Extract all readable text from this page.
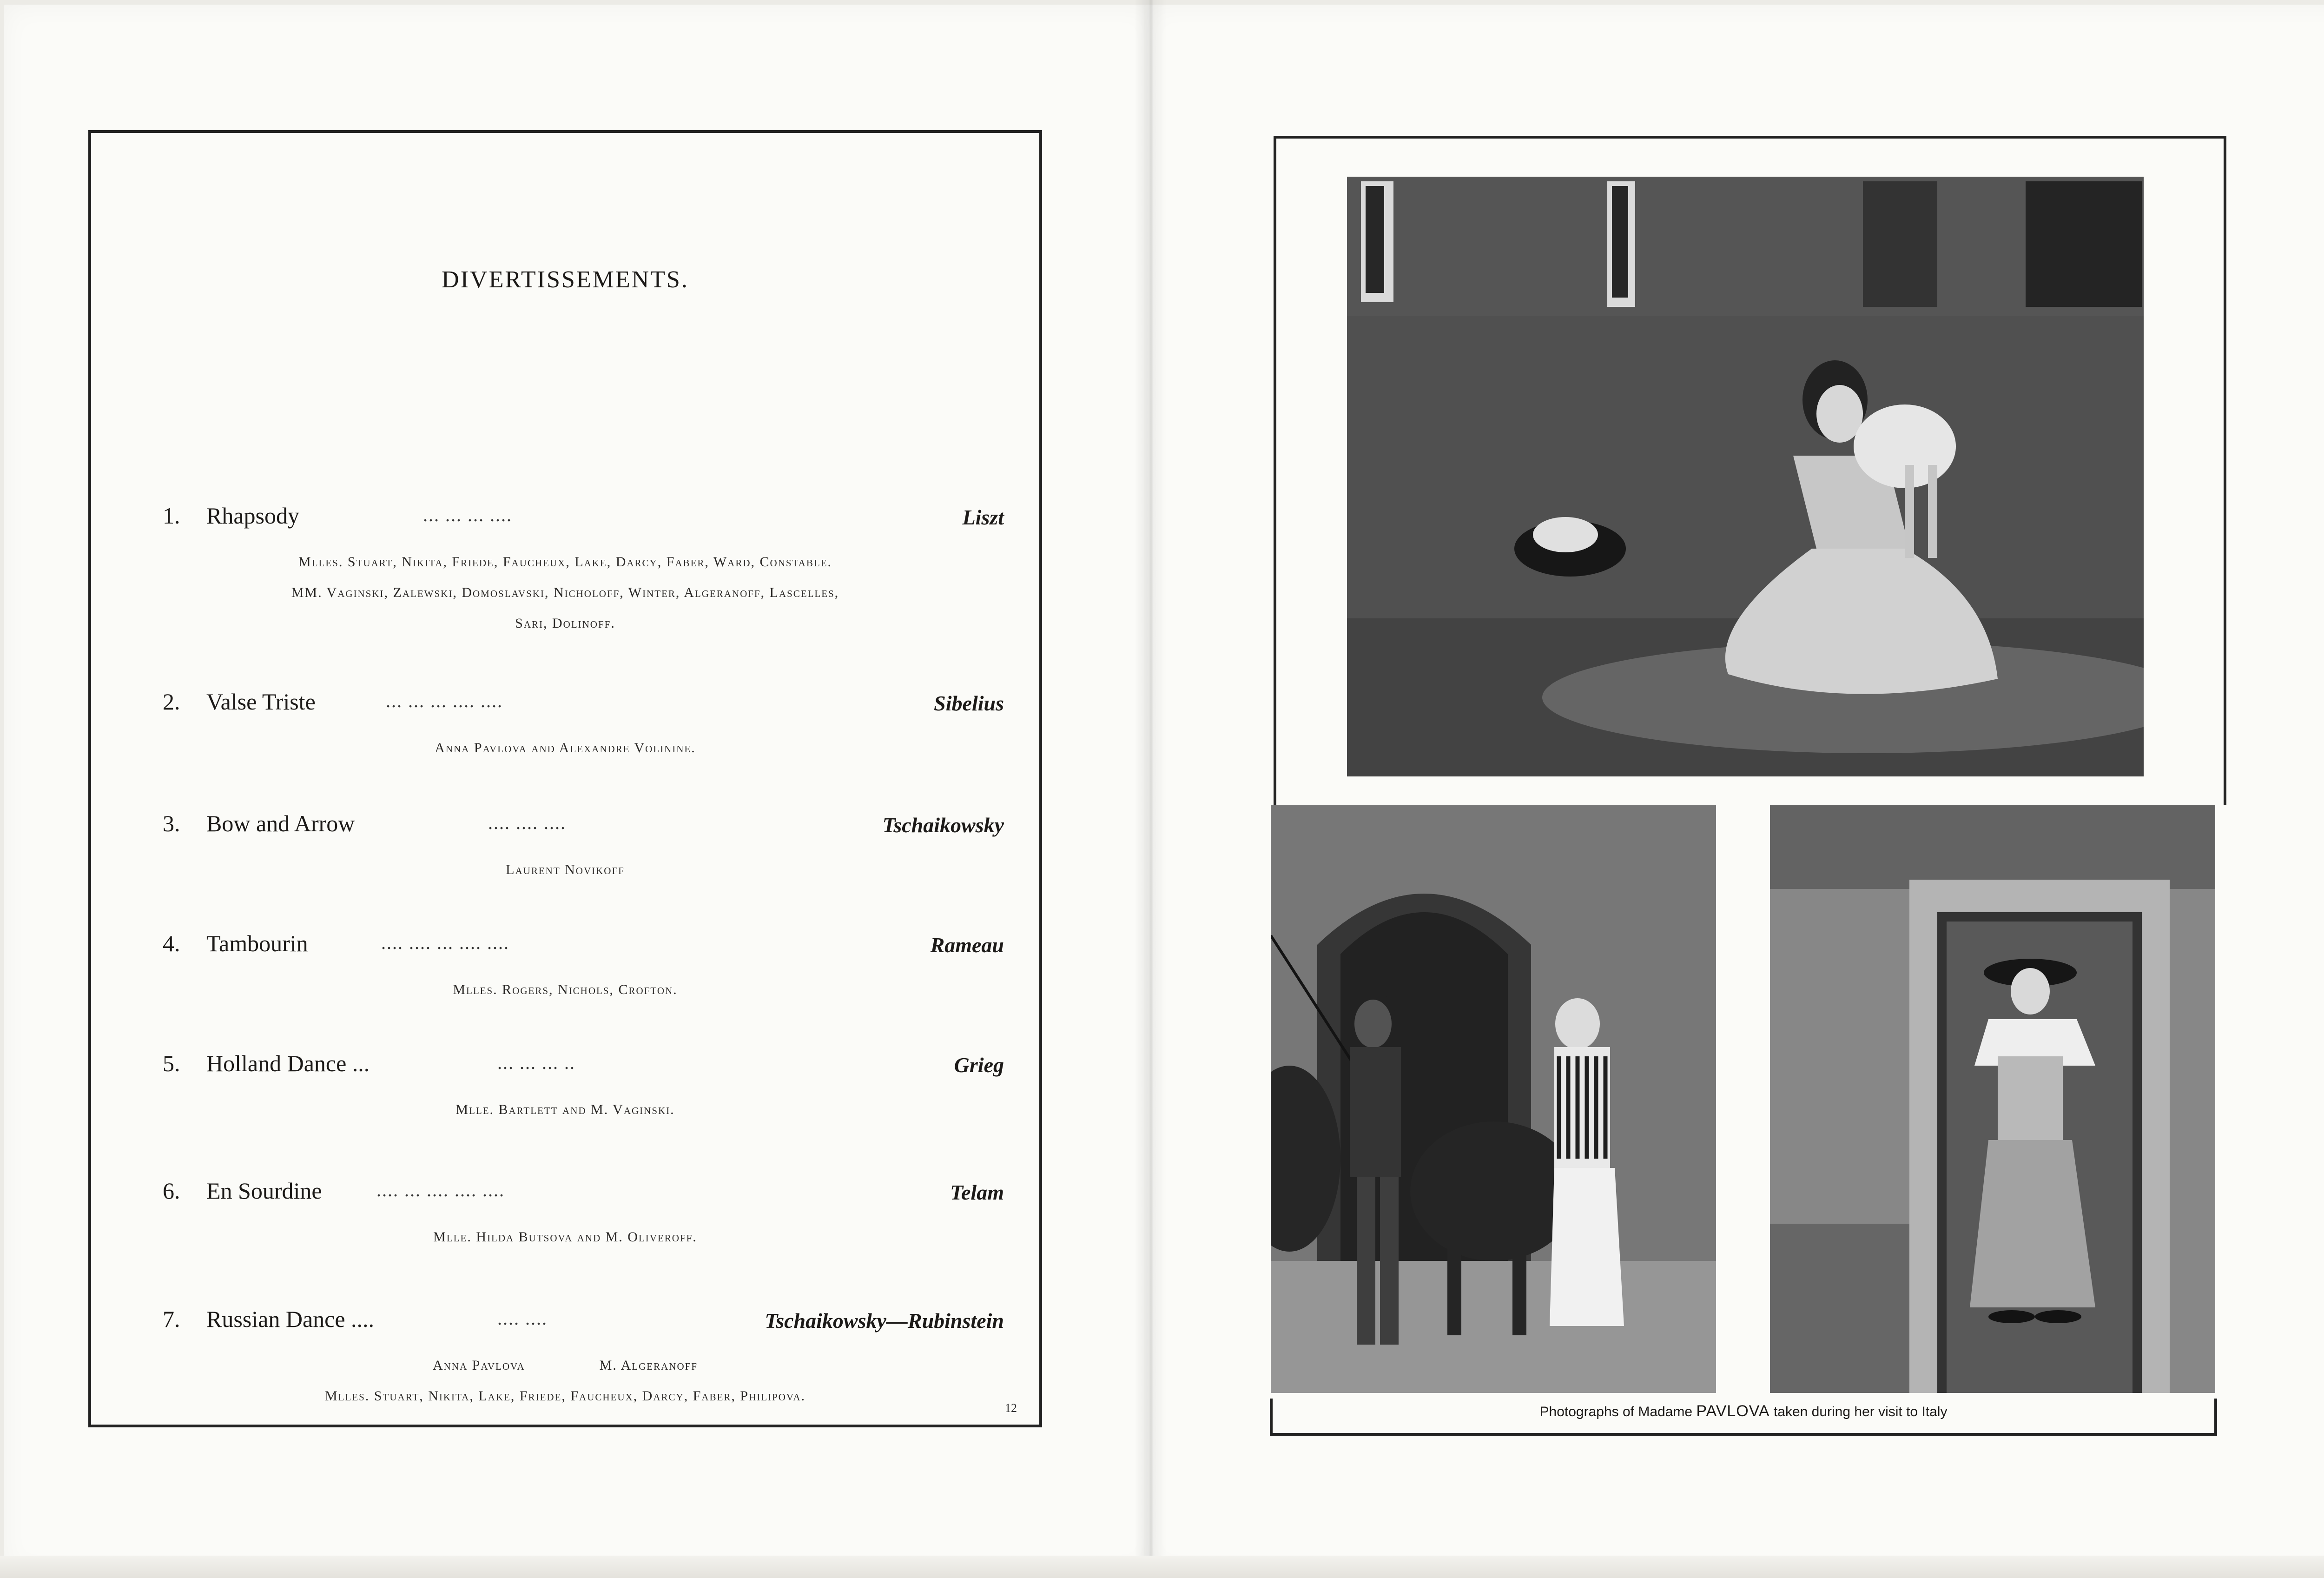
DIVERTISSEMENTS.
1. Rhapsody	... ... ... ....	Liszt
Mlles. Stuart, Nikita, Friede, Faucheux, Lake, Darcy, Faber, Ward, Constable.
MM. Vaginski, Zalewski, Domoslavski, Nicholoff, Winter, Algeranoff, Lascelles,
Sari, Dolinoff.
2. Valse Triste	... ... ... .... ....	Sibelius
Anna Pavlova and Alexandre Volinine.
3. Bow and Arrow	.... .... ....	Tschaikowsky
Laurent Novikoff
4. Tambourin	.... .... ... .... ....	Rameau
Mlles. Rogers, Nichols, Crofton.
5. Holland Dance ...	... ... ... ..	Grieg
Mlle. Bartlett and M. Vaginski.
6. En Sourdine	.... ... .... .... ....	Telam
Mlle. Hilda Butsova and M. Oliveroff.
7. Russian Dance ....	.... ....	Tschaikowsky—Rubinstein
Anna Pavlova	M. Algeranoff
Mlles. Stuart, Nikita, Lake, Friede, Faucheux, Darcy, Faber, Philipova.
12	Photographs of Madame PAVLOVA taken during her visit to Italy
